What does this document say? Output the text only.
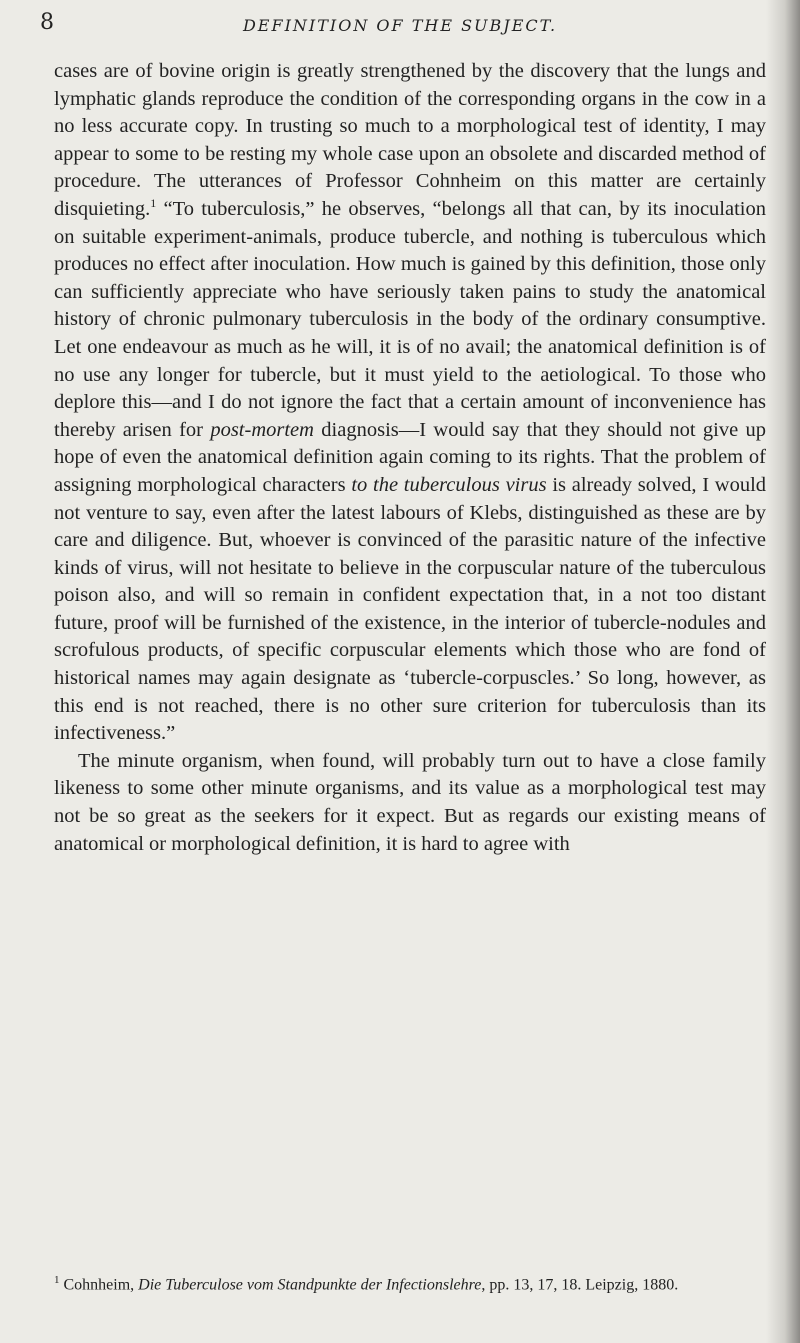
8	DEFINITION OF THE SUBJECT.

cases are of bovine origin is greatly strengthened by the discovery that the lungs and lymphatic glands reproduce the condition of the corresponding organs in the cow in a no less accurate copy. In trusting so much to a morphological test of identity, I may appear to some to be resting my whole case upon an obsolete and discarded method of procedure. The utterances of Professor Cohnheim on this matter are certainly disquieting.$^1$ “To tuberculosis,” he observes, “belongs all that can, by its inoculation on suitable experiment-animals, produce tubercle, and nothing is tuberculous which produces no effect after inoculation. How much is gained by this definition, those only can sufficiently appreciate who have seriously taken pains to study the anatomical history of chronic pulmonary tuberculosis in the body of the ordinary consumptive. Let one endeavour as much as he will, it is of no avail; the anatomical definition is of no use any longer for tubercle, but it must yield to the aetiological. To those who deplore this—and I do not ignore the fact that a certain amount of inconvenience has thereby arisen for post-mortem diagnosis—I would say that they should not give up hope of even the anatomical definition again coming to its rights. That the problem of assigning morphological characters to the tuberculous virus is already solved, I would not venture to say, even after the latest labours of Klebs, distinguished as these are by care and diligence. But, whoever is convinced of the parasitic nature of the infective kinds of virus, will not hesitate to believe in the corpuscular nature of the tuberculous poison also, and will so remain in confident expectation that, in a not too distant future, proof will be furnished of the existence, in the interior of tubercle-nodules and scrofulous products, of specific corpuscular elements which those who are fond of historical names may again designate as ‘tubercle-corpuscles.’ So long, however, as this end is not reached, there is no other sure criterion for tuberculosis than its infectiveness.”

The minute organism, when found, will probably turn out to have a close family likeness to some other minute organisms, and its value as a morphological test may not be so great as the seekers for it expect. But as regards our existing means of anatomical or morphological definition, it is hard to agree with

$^1$ Cohnheim, Die Tuberculose vom Standpunkte der Infectionslehre, pp. 13, 17, 18. Leipzig, 1880.
